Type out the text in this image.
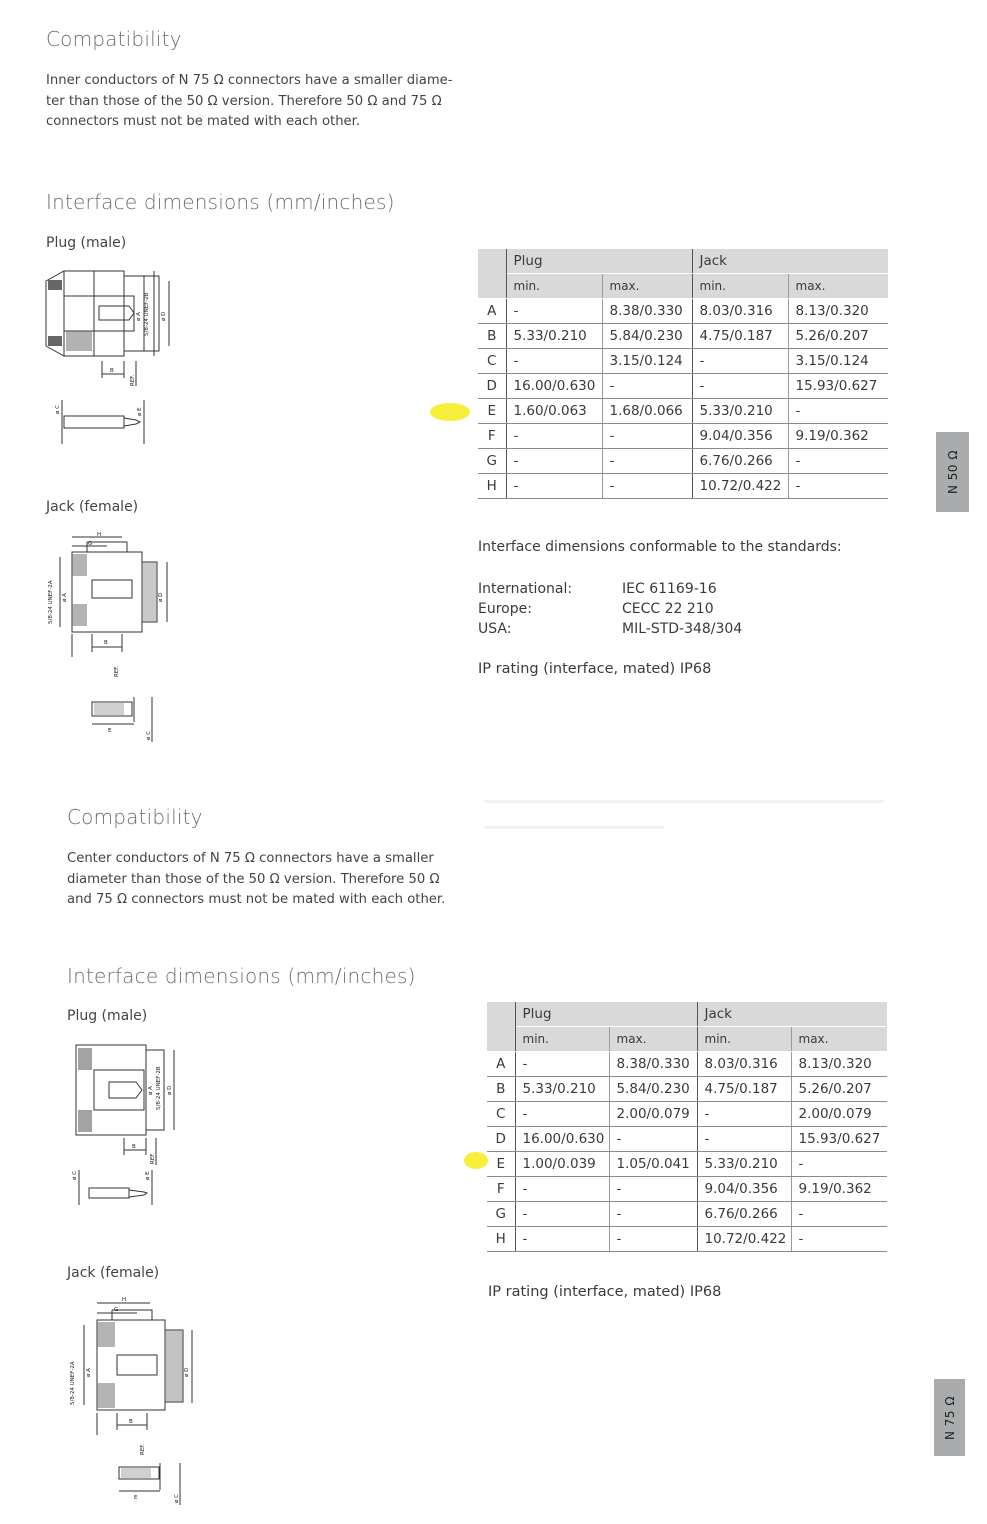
Compatibility
Inner conductors of N 75 Ω connectors have a smaller diame-
ter than those of the 50 Ω version. Therefore 50 Ω and 75 Ω
connectors must not be mated with each other.
Interface dimensions (mm/inches)
Plug (male)
Jack (female)
5/8-24 UNEF-2B
ø A	ø D
B
REF.
ø C	ø E
H
G
5/8-24 UNEF-2A ø A	ø D
B
REF.
E
ø C
	Plug		Jack	
	min.	max.	min.	max.
A	-	8.38/0.330	8.03/0.316	8.13/0.320
B	5.33/0.210	5.84/0.230	4.75/0.187	5.26/0.207
C	-	3.15/0.124	-	3.15/0.124
D	16.00/0.630	-	-	15.93/0.627
E	1.60/0.063	1.68/0.066	5.33/0.210	-
F	-	-	9.04/0.356	9.19/0.362
G	-	-	6.76/0.266	-
H	-	-	10.72/0.422	-
Interface dimensions conformable to the standards:
International:	IEC 61169-16
Europe:	CECC 22 210
USA:	MIL-STD-348/304
IP rating (interface, mated) IP68
N 50 Ω
Compatibility
Center conductors of N 75 Ω connectors have a smaller
diameter than those of the 50 Ω version. Therefore 50 Ω
and 75 Ω connectors must not be mated with each other.
Interface dimensions (mm/inches)
Plug (male)
Jack (female)
5/8-24 UNEF-2B
ø A ø D
B
REF.
ø C	ø E
H
G
5/8-24 UNEF-2A ø A	ø D
B
REF.
E	ø C
	Plug		Jack	
	min.	max.	min.	max.
A	-	8.38/0.330	8.03/0.316	8.13/0.320
B	5.33/0.210	5.84/0.230	4.75/0.187	5.26/0.207
C	-	2.00/0.079	-	2.00/0.079
D	16.00/0.630	-	-	15.93/0.627
E	1.00/0.039	1.05/0.041	5.33/0.210	-
F	-	-	9.04/0.356	9.19/0.362
G	-	-	6.76/0.266	-
H	-	-	10.72/0.422	-
IP rating (interface, mated) IP68
N 75 Ω
